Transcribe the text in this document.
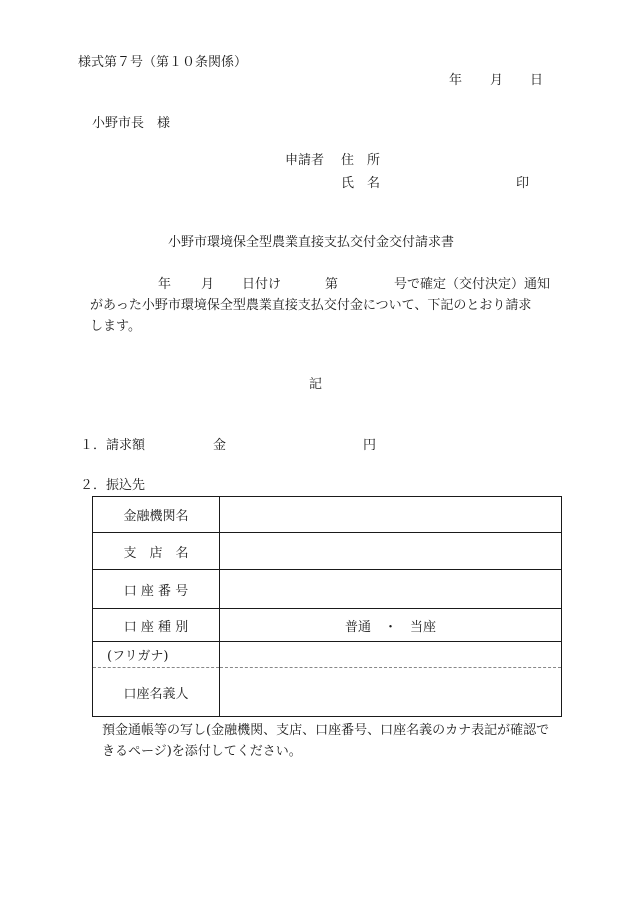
様式第７号（第１０条関係）
年 月 日
小野市長　様
申請者 住　所
氏　名	印
小野市環境保全型農業直接支払交付金交付請求書
年 月 日付け	第	号で確定（交付決定）通知
があった小野市環境保全型農業直接支払交付金について、下記のとおり請求
します。
記
１．請求額	金	円
２．振込先
金融機関名	
支　店　名	
口 座 番 号	
口 座 種 別	普通　・　当座
(フリガナ)	
口座名義人	
預金通帳等の写し(金融機関、支店、口座番号、口座名義のカナ表記が確認で
きるページ)を添付してください。
